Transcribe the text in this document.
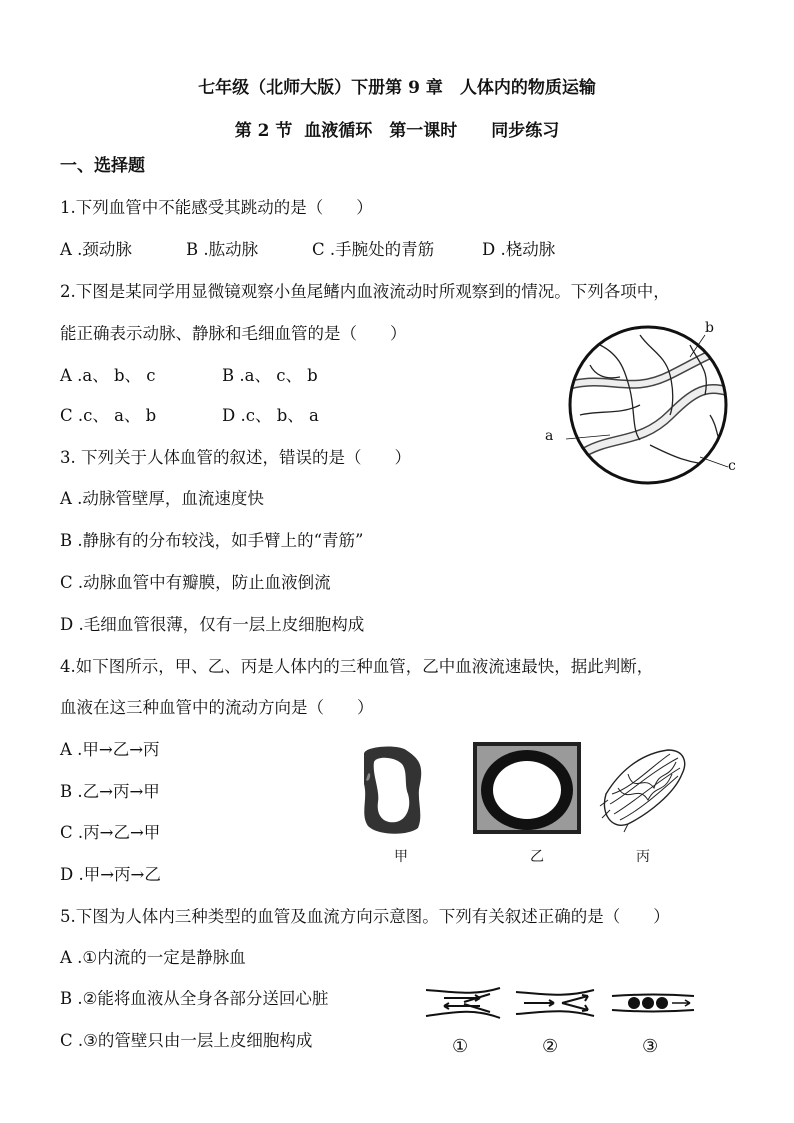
七年级（北师大版）下册第 9 章　人体内的物质运输
第 2 节  血液循环　第一课时　　同步练习
一、选择题
1.下列血管中不能感受其跳动的是（　　）
A .颈动脉	B .肱动脉	C .手腕处的青筋	D .桡动脉
2.下图是某同学用显微镜观察小鱼尾鳍内血液流动时所观察到的情况。下列各项中，
能正确表示动脉、静脉和毛细血管的是（　　）
A .a、 b、 c	B .a、 c、 b
C .c、 a、 b	D .c、 b、 a
b
a
c
3. 下列关于人体血管的叙述，错误的是（　　）
A .动脉管壁厚，血流速度快
B .静脉有的分布较浅，如手臂上的“青筋”
C .动脉血管中有瓣膜，防止血液倒流
D .毛细血管很薄，仅有一层上皮细胞构成
4.如下图所示，甲、乙、丙是人体内的三种血管，乙中血液流速最快，据此判断，
血液在这三种血管中的流动方向是（　　）
A .甲→乙→丙
B .乙→丙→甲
C .丙→乙→甲
D .甲→丙→乙
甲	乙	丙
5.下图为人体内三种类型的血管及血流方向示意图。下列有关叙述正确的是（　　）
A .①内流的一定是静脉血
B .②能将血液从全身各部分送回心脏
C .③的管壁只由一层上皮细胞构成	①	②	③
